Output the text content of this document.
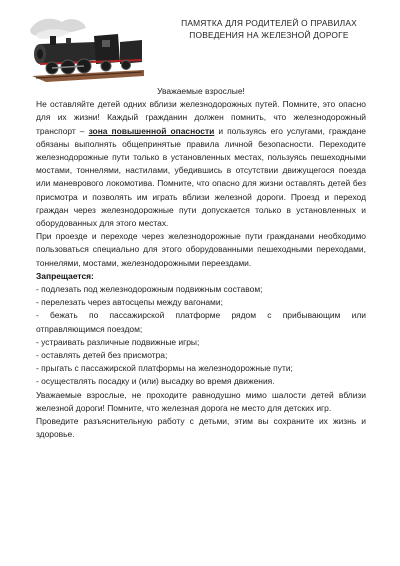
ПАМЯТКА ДЛЯ РОДИТЕЛЕЙ О ПРАВИЛАХ
ПОВЕДЕНИЯ НА ЖЕЛЕЗНОЙ ДОРОГЕ

Уважаемые взрослые!

Не оставляйте детей одних вблизи железнодорожных путей. Помните, это опасно для их жизни! Каждый гражданин должен помнить, что железнодорожный транспорт – зона повышенной опасности и пользуясь его услугами, граждане обязаны выполнять общепринятые правила личной безопасности. Переходите железнодорожные пути только в установленных местах, пользуясь пешеходными мостами, тоннелями, настилами, убедившись в отсутствии движущегося поезда или маневрового локомотива. Помните, что опасно для жизни оставлять детей без присмотра и позволять им играть вблизи железной дороги. Проезд и переход граждан через железнодорожные пути допускается только в установленных и оборудованных для этого местах.

При проезде и переходе через железнодорожные пути гражданами необходимо пользоваться специально для этого оборудованными пешеходными переходами, тоннелями, мостами, железнодорожными переездами.

Запрещается:

- подлезать под железнодорожным подвижным составом;
- перелезать через автосцепы между вагонами;
- бежать по пассажирской платформе рядом с прибывающим или отправляющимся поездом;
- устраивать различные подвижные игры;
- оставлять детей без присмотра;
- прыгать с пассажирской платформы на железнодорожные пути;
- осуществлять посадку и (или) высадку во время движения.

Уважаемые взрослые, не проходите равнодушно мимо шалости детей вблизи железной дороги! Помните, что железная дорога не место для детских игр.

Проведите разъяснительную работу с детьми, этим вы сохраните их жизнь и здоровье.
